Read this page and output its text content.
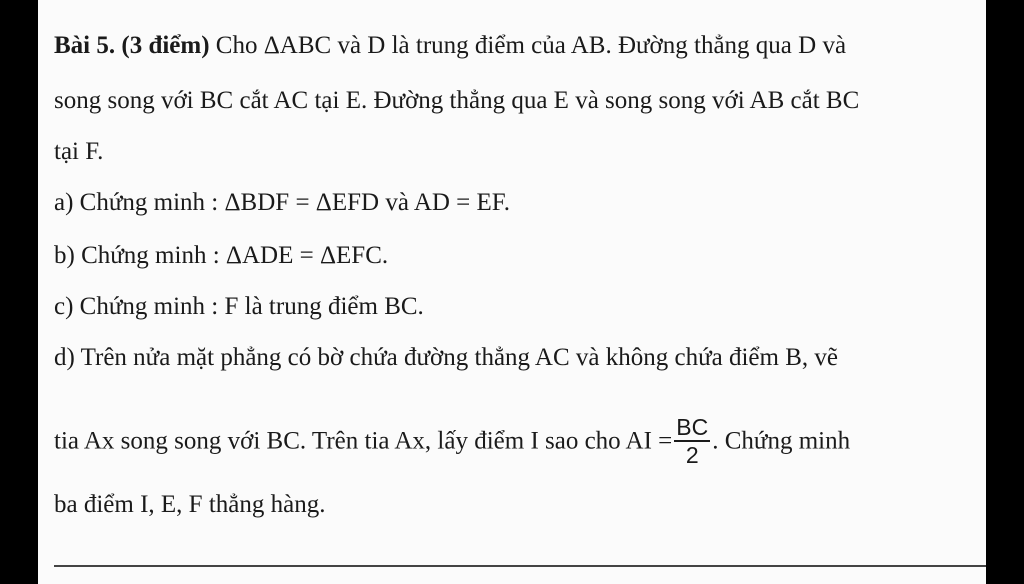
Bài 5. (3 điểm) Cho ΔABC và D là trung điểm của AB. Đường thẳng qua D và
song song với BC cắt AC tại E. Đường thẳng qua E và song song với AB cắt BC
tại F.
a) Chứng minh : ΔBDF = ΔEFD và AD = EF.
b) Chứng minh : ΔADE = ΔEFC.
c) Chứng minh : F là trung điểm BC.
d) Trên nửa mặt phẳng có bờ chứa đường thẳng AC và không chứa điểm B, vẽ
tia Ax song song với BC. Trên tia Ax, lấy điểm I sao cho AI = $\frac{BC}{2}$ . Chứng minh
ba điểm I, E, F thẳng hàng.
